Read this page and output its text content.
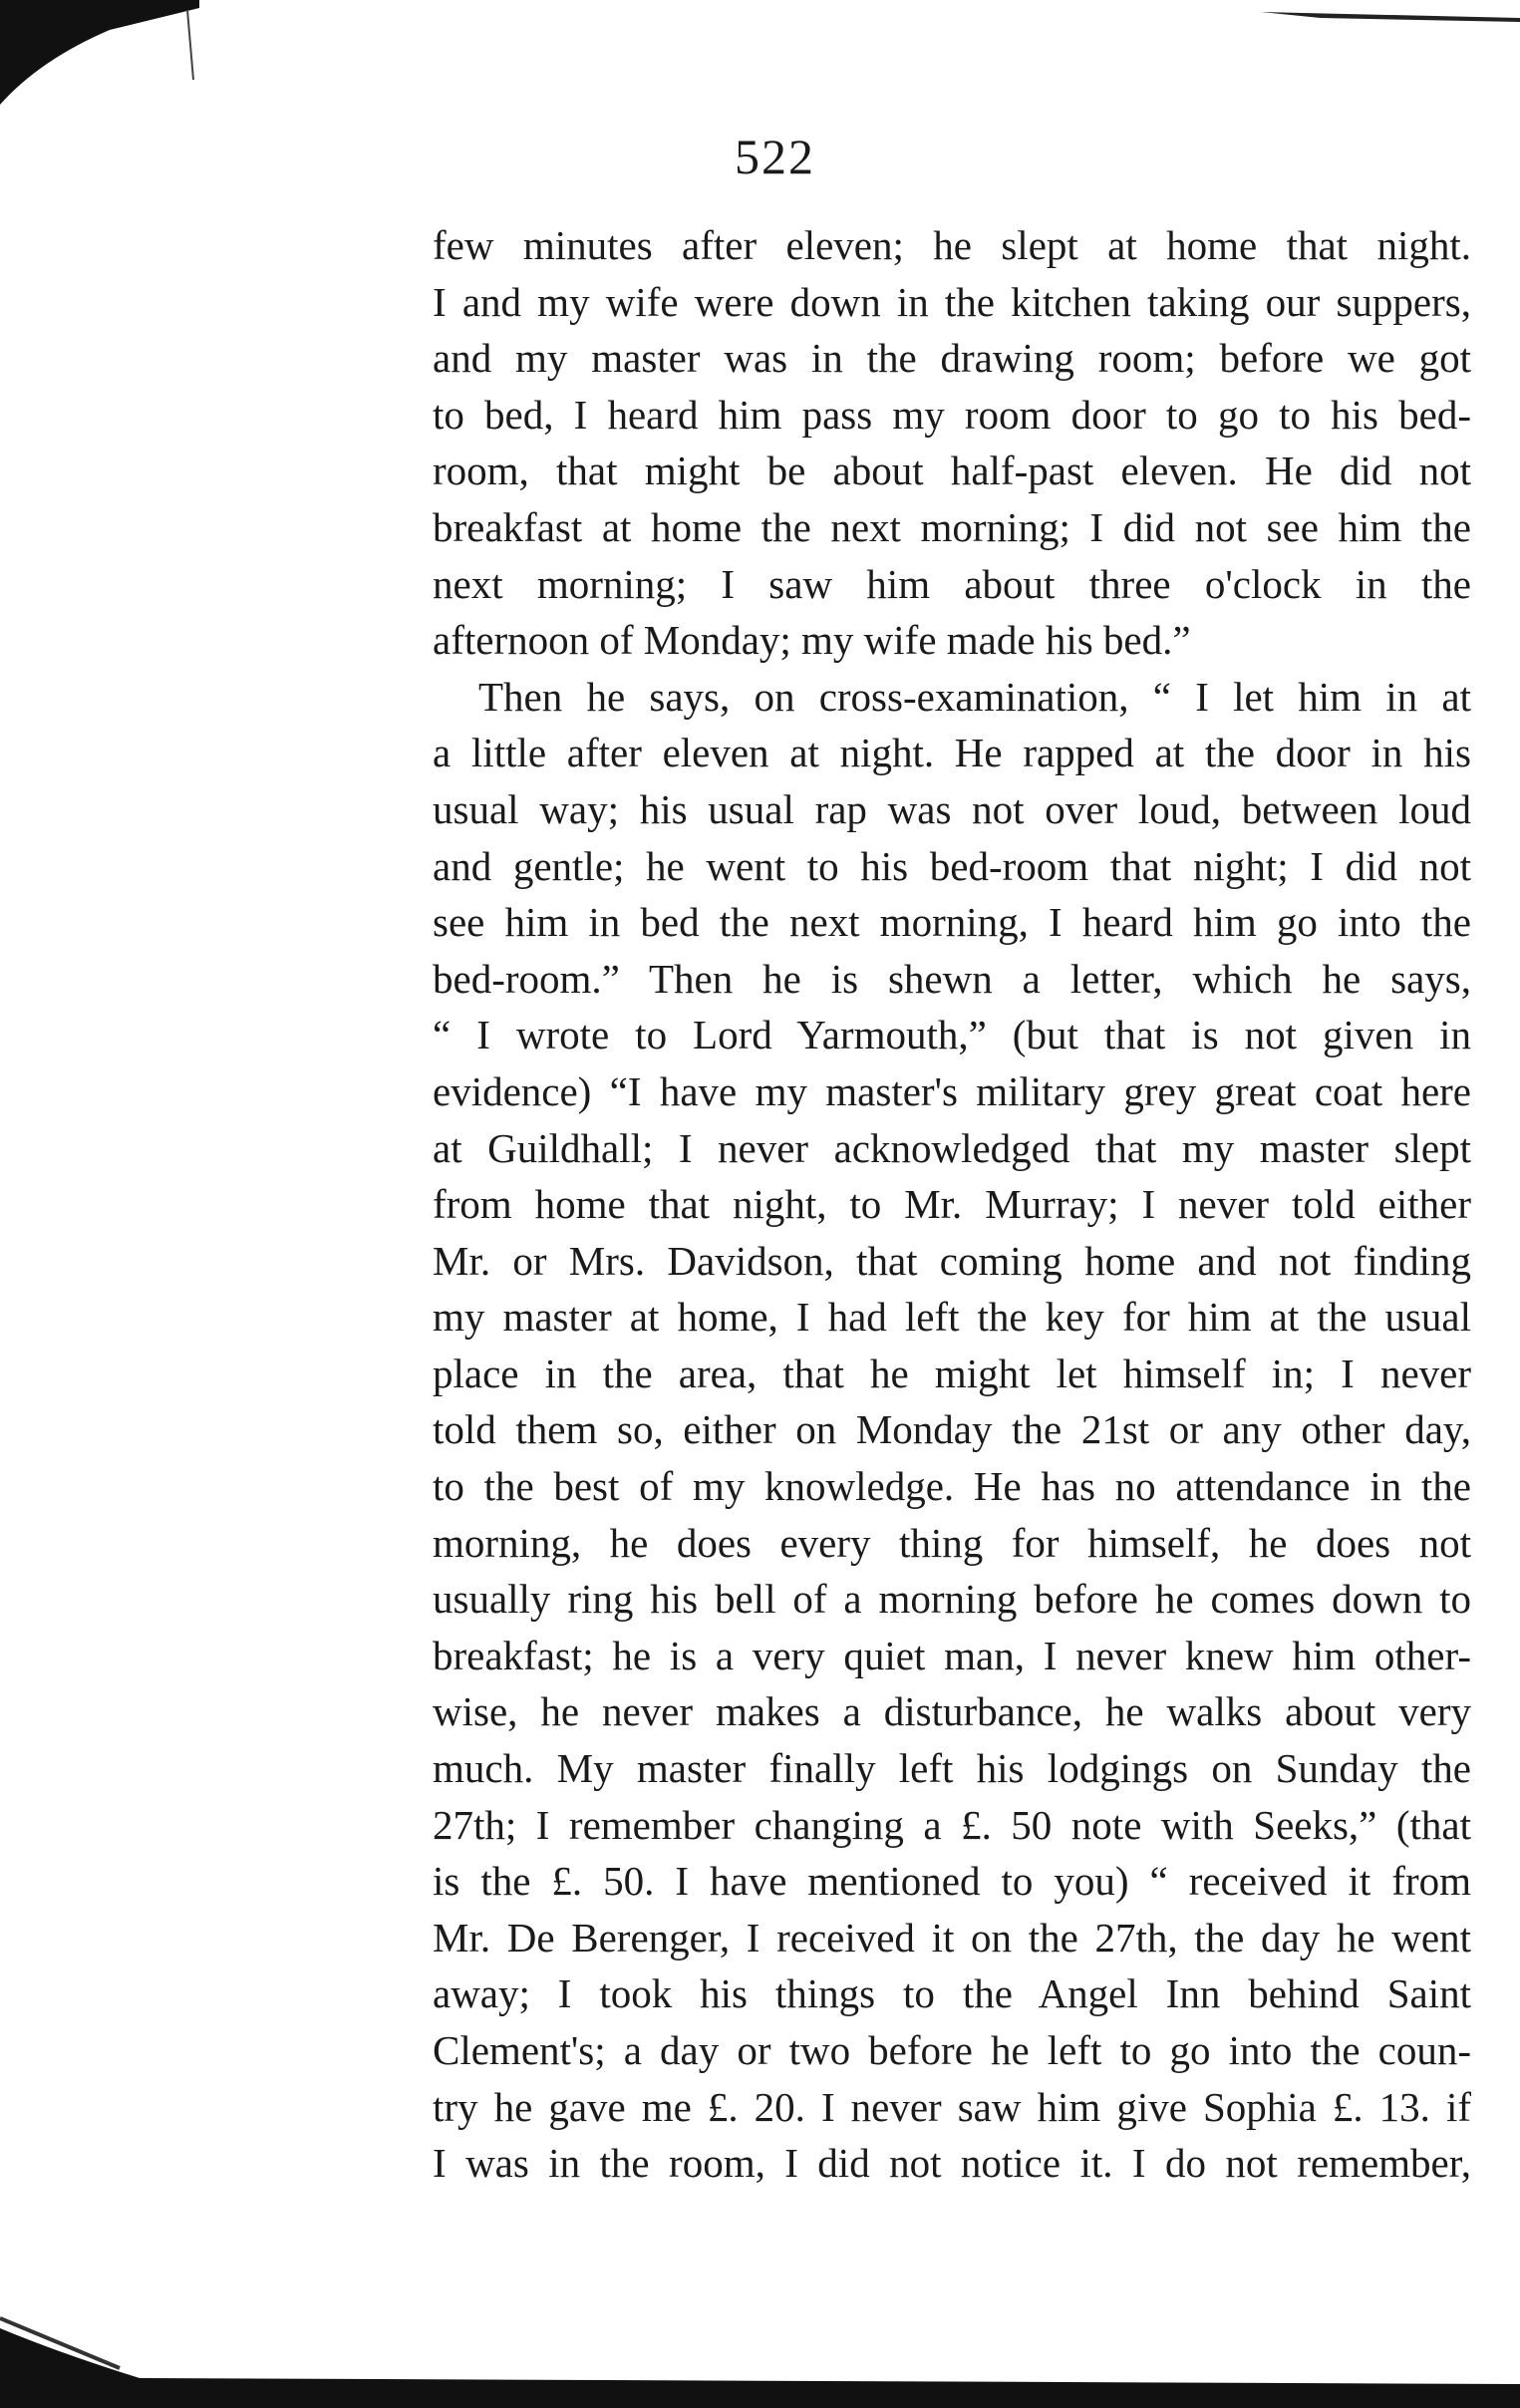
522
few minutes after eleven; he slept at home that night.
I and my wife were down in the kitchen taking our suppers,
and my master was in the drawing room; before we got
to bed, I heard him pass my room door to go to his bed-
room, that might be about half-past eleven. He did not
breakfast at home the next morning; I did not see him the
next morning; I saw him about three o'clock in the
afternoon of Monday; my wife made his bed.”
Then he says, on cross-examination, “ I let him in at
a little after eleven at night. He rapped at the door in his
usual way; his usual rap was not over loud, between loud
and gentle; he went to his bed-room that night; I did not
see him in bed the next morning, I heard him go into the
bed-room.” Then he is shewn a letter, which he says,
“ I wrote to Lord Yarmouth,” (but that is not given in
evidence) “I have my master's military grey great coat here
at Guildhall; I never acknowledged that my master slept
from home that night, to Mr. Murray; I never told either
Mr. or Mrs. Davidson, that coming home and not finding
my master at home, I had left the key for him at the usual
place in the area, that he might let himself in; I never
told them so, either on Monday the 21st or any other day,
to the best of my knowledge. He has no attendance in the
morning, he does every thing for himself, he does not
usually ring his bell of a morning before he comes down to
breakfast; he is a very quiet man, I never knew him other-
wise, he never makes a disturbance, he walks about very
much. My master finally left his lodgings on Sunday the
27th; I remember changing a £. 50 note with Seeks,” (that
is the £. 50. I have mentioned to you) “ received it from
Mr. De Berenger, I received it on the 27th, the day he went
away; I took his things to the Angel Inn behind Saint
Clement's; a day or two before he left to go into the coun-
try he gave me £. 20. I never saw him give Sophia £. 13. if
I was in the room, I did not notice it. I do not remember,
